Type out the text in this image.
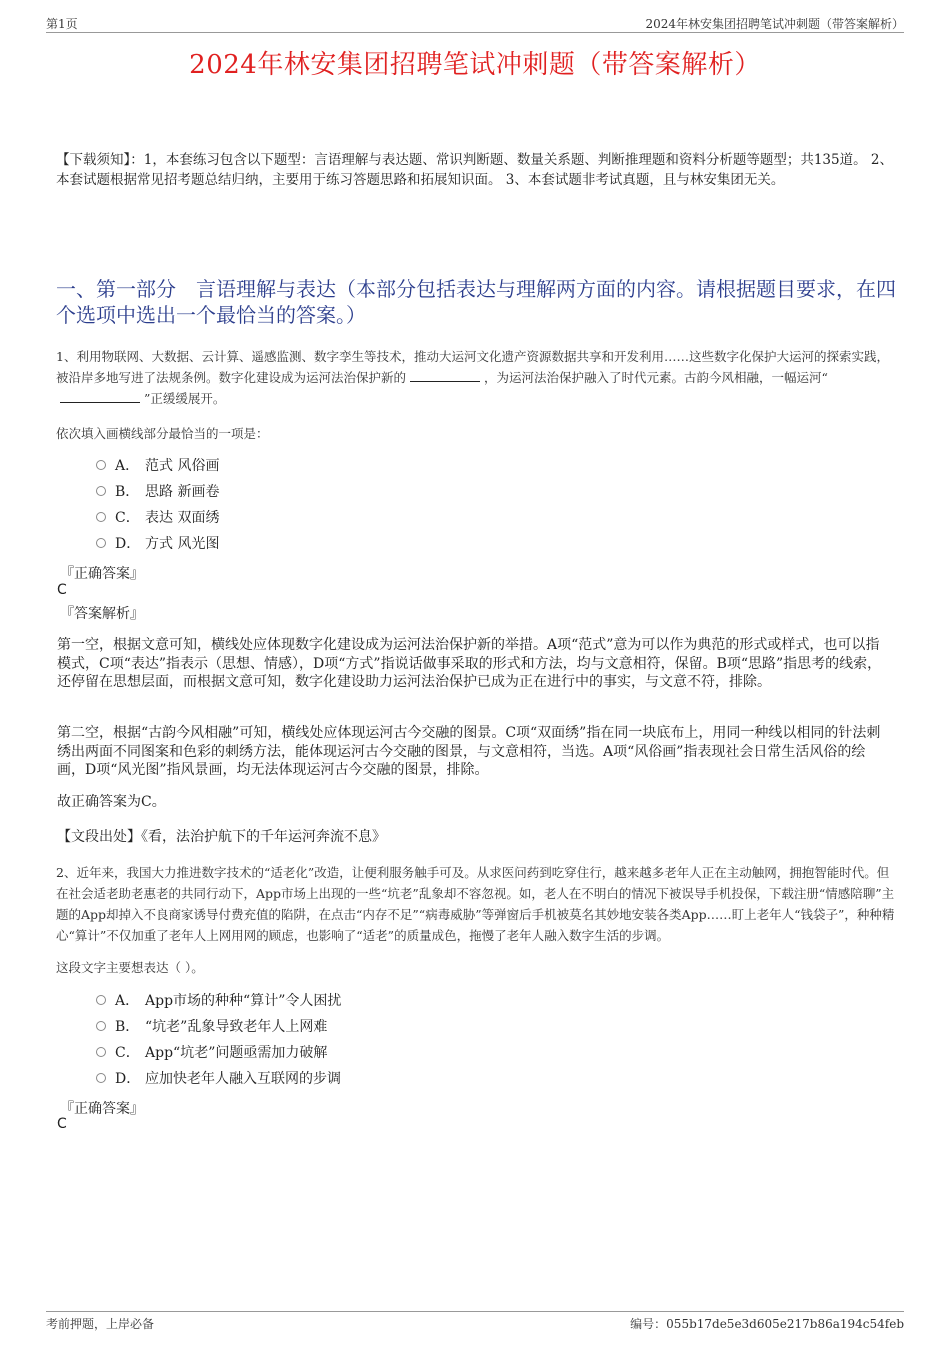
第1页	2024年林安集团招聘笔试冲刺题（带答案解析）
2024年林安集团招聘笔试冲刺题（带答案解析）
【下载须知】：1，本套练习包含以下题型：言语理解与表达题、常识判断题、数量关系题、判断推理题和资料分析题等题型；共135道。 2、本套试题根据常见招考题总结归纳，主要用于练习答题思路和拓展知识面。 3、本套试题非考试真题，且与林安集团无关。
一、第一部分　言语理解与表达（本部分包括表达与理解两方面的内容。请根据题目要求，在四个选项中选出一个最恰当的答案。）
1、利用物联网、大数据、云计算、遥感监测、数字孪生等技术，推动大运河文化遗产资源数据共享和开发利用……这些数字化保护大运河的探索实践，被沿岸多地写进了法规条例。数字化建设成为运河法治保护新的	，为运河法治保护融入了时代元素。古韵今风相融，一幅运河“”正缓缓展开。
依次填入画横线部分最恰当的一项是：
A． 范式 风俗画
B． 思路 新画卷
C． 表达 双面绣
D． 方式 风光图
『正确答案』
C
『答案解析』
第一空，根据文意可知，横线处应体现数字化建设成为运河法治保护新的举措。A项“范式”意为可以作为典范的形式或样式，也可以指模式，C项“表达”指表示（思想、情感），D项“方式”指说话做事采取的形式和方法，均与文意相符，保留。B项“思路”指思考的线索，还停留在思想层面，而根据文意可知，数字化建设助力运河法治保护已成为正在进行中的事实，与文意不符，排除。
第二空，根据“古韵今风相融”可知，横线处应体现运河古今交融的图景。C项“双面绣”指在同一块底布上，用同一种线以相同的针法刺绣出两面不同图案和色彩的刺绣方法，能体现运河古今交融的图景，与文意相符，当选。A项“风俗画”指表现社会日常生活风俗的绘画，D项“风光图”指风景画，均无法体现运河古今交融的图景，排除。
故正确答案为C。
【文段出处】《看，法治护航下的千年运河奔流不息》
2、近年来，我国大力推进数字技术的“适老化”改造，让便利服务触手可及。从求医问药到吃穿住行，越来越多老年人正在主动触网，拥抱智能时代。但在社会适老助老惠老的共同行动下，App市场上出现的一些“坑老”乱象却不容忽视。如，老人在不明白的情况下被误导手机投保，下载注册“情感陪聊”主题的App却掉入不良商家诱导付费充值的陷阱，在点击“内存不足”“病毒威胁”等弹窗后手机被莫名其妙地安装各类App……盯上老年人“钱袋子”，种种精心“算计”不仅加重了老年人上网用网的顾虑，也影响了“适老”的质量成色，拖慢了老年人融入数字生活的步调。
这段文字主要想表达（ ）。
A． App市场的种种“算计”令人困扰
B． “坑老”乱象导致老年人上网难
C． App“坑老”问题亟需加力破解
D． 应加快老年人融入互联网的步调
『正确答案』
C
考前押题，上岸必备	编号：055b17de5e3d605e217b86a194c54feb
